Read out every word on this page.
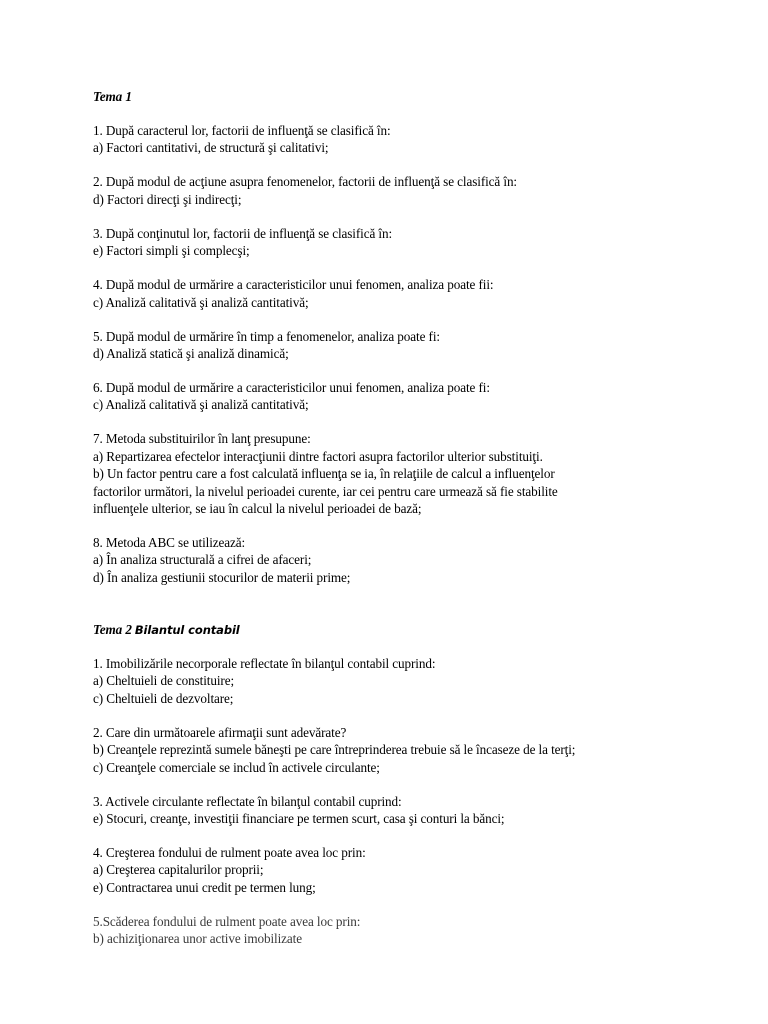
Tema 1
1. După caracterul lor, factorii de influenţă se clasifică în:
a) Factori cantitativi, de structură şi calitativi;
2. După modul de acţiune asupra fenomenelor, factorii de influenţă se clasifică în:
d) Factori direcţi şi indirecţi;
3. După conţinutul lor, factorii de influenţă se clasifică în:
e) Factori simpli şi complecşi;
4. După modul de urmărire a caracteristicilor unui fenomen, analiza poate fii:
c) Analiză calitativă şi analiză cantitativă;
5. După modul de urmărire în timp a fenomenelor, analiza poate fi:
d) Analiză statică şi analiză dinamică;
6. După modul de urmărire a caracteristicilor unui fenomen, analiza poate fi:
c) Analiză calitativă şi analiză cantitativă;
7. Metoda substituirilor în lanţ presupune:
a) Repartizarea efectelor interacţiunii dintre factori asupra factorilor ulterior substituiţi.
b) Un factor pentru care a fost calculată influenţa se ia, în relaţiile de calcul a influenţelor
factorilor următori, la nivelul perioadei curente, iar cei pentru care urmează să fie stabilite
influenţele ulterior, se iau în calcul la nivelul perioadei de bază;
8. Metoda ABC se utilizează:
a) În analiza structurală a cifrei de afaceri;
d) În analiza gestiunii stocurilor de materii prime;
Tema 2 Bilantul contabil
1. Imobilizările necorporale reflectate în bilanţul contabil cuprind:
a) Cheltuieli de constituire;
c) Cheltuieli de dezvoltare;
2. Care din următoarele afirmaţii sunt adevărate?
b) Creanţele reprezintă sumele băneşti pe care întreprinderea trebuie să le încaseze de la terţi;
c) Creanţele comerciale se includ în activele circulante;
3. Activele circulante reflectate în bilanţul contabil cuprind:
e) Stocuri, creanţe, investiţii financiare pe termen scurt, casa şi conturi la bănci;
4. Creşterea fondului de rulment poate avea loc prin:
a) Creşterea capitalurilor proprii;
e) Contractarea unui credit pe termen lung;
5.Scăderea fondului de rulment poate avea loc prin:
b) achiziţionarea unor active imobilizate
